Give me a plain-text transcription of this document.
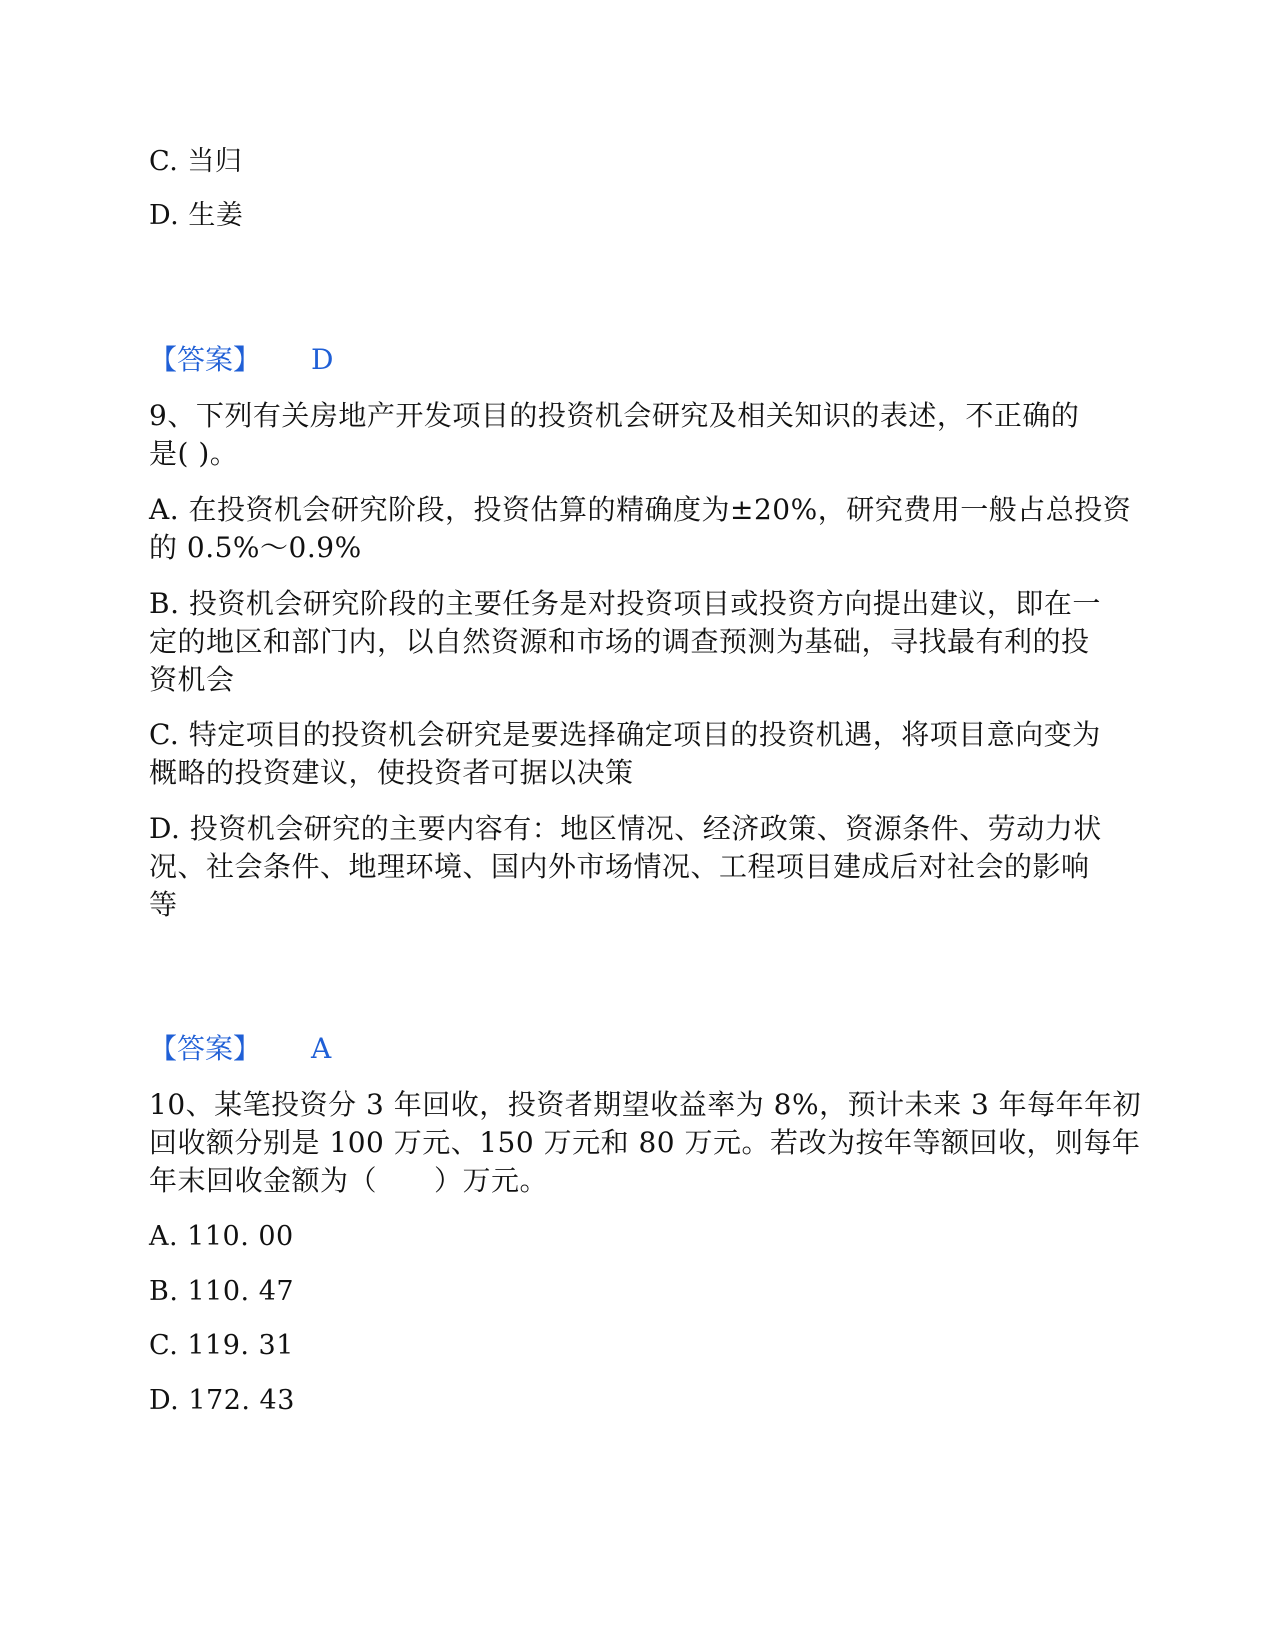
C. 当归
D. 生姜
【答案】 D
9、下列有关房地产开发项目的投资机会研究及相关知识的表述，不正确的
是( )。
A. 在投资机会研究阶段，投资估算的精确度为±20%，研究费用一般占总投资
的 0.5%～0.9%
B. 投资机会研究阶段的主要任务是对投资项目或投资方向提出建议，即在一
定的地区和部门内，以自然资源和市场的调查预测为基础，寻找最有利的投
资机会
C. 特定项目的投资机会研究是要选择确定项目的投资机遇，将项目意向变为
概略的投资建议，使投资者可据以决策
D. 投资机会研究的主要内容有：地区情况、经济政策、资源条件、劳动力状
况、社会条件、地理环境、国内外市场情况、工程项目建成后对社会的影响
等
【答案】 A
10、某笔投资分 3 年回收，投资者期望收益率为 8%，预计未来 3 年每年年初
回收额分别是 100 万元、150 万元和 80 万元。若改为按年等额回收，则每年
年末回收金额为（　　）万元。
A. 110. 00
B. 110. 47
C. 119. 31
D. 172. 43
